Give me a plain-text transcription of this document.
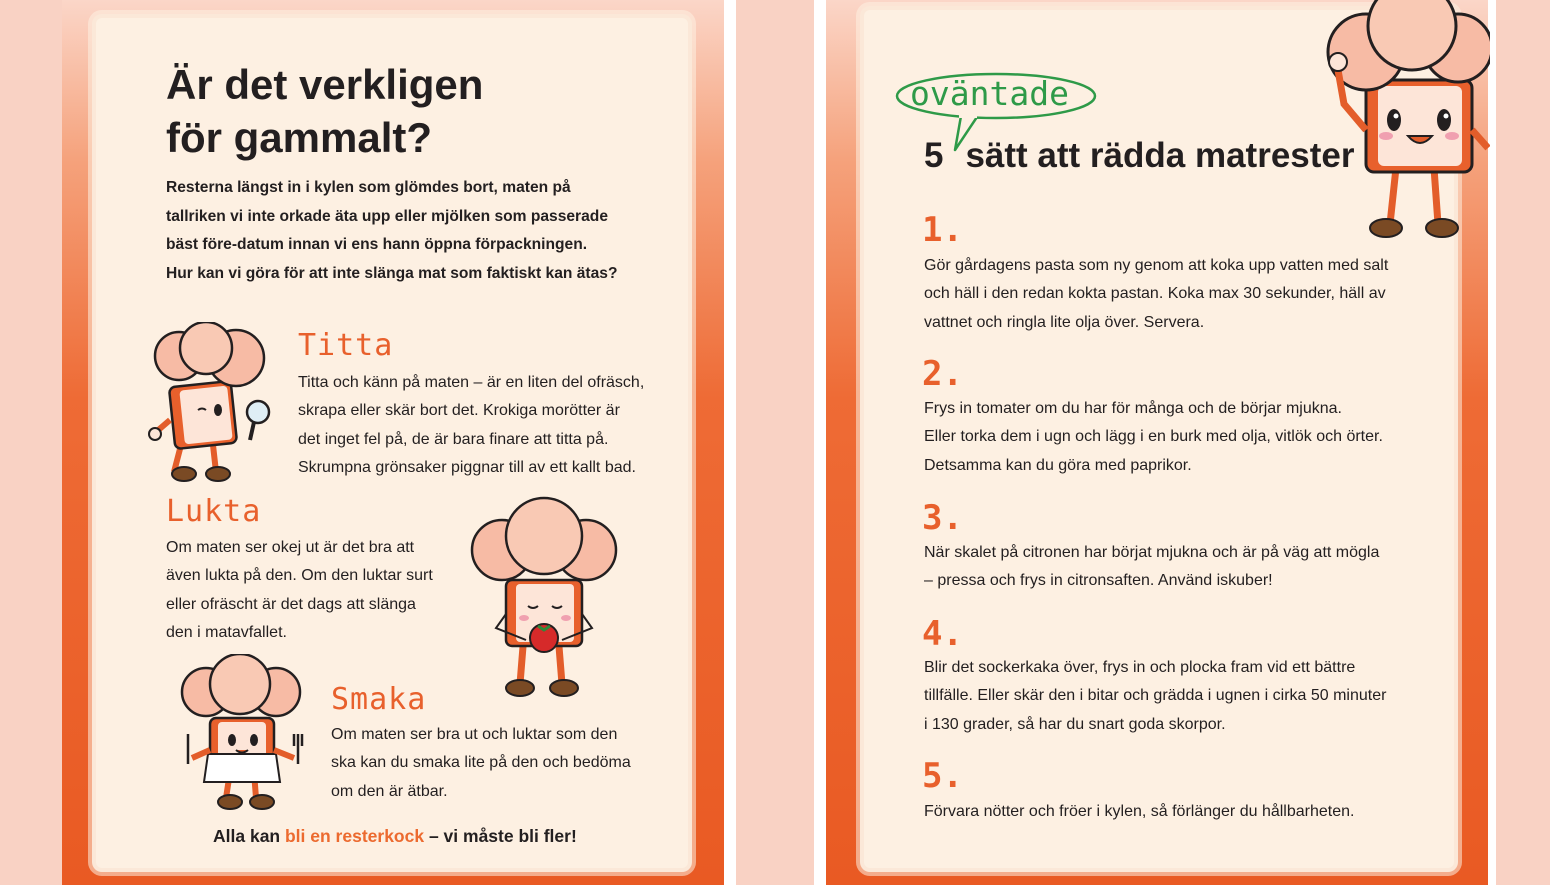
Är det verkligen
för gammalt?

Resterna längst in i kylen som glömdes bort, maten på
tallriken vi inte orkade äta upp eller mjölken som passerade
bäst före-datum innan vi ens hann öppna förpackningen.
Hur kan vi göra för att inte slänga mat som faktiskt kan ätas?

Titta

Titta och känn på maten – är en liten del ofräsch,
skrapa eller skär bort det. Krokiga morötter är
det inget fel på, de är bara finare att titta på.
Skrumpna grönsaker piggnar till av ett kallt bad.

Lukta

Om maten ser okej ut är det bra att
även lukta på den. Om den luktar surt
eller ofräscht är det dags att slänga
den i matavfallet.

Smaka

Om maten ser bra ut och luktar som den
ska kan du smaka lite på den och bedöma
om den är ätbar.

Alla kan bli en resterkock – vi måste bli fler!

oväntade

5 sätt att rädda matrester

1.

Gör gårdagens pasta som ny genom att koka upp vatten med salt
och häll i den redan kokta pastan. Koka max 30 sekunder, häll av
vattnet och ringla lite olja över. Servera.

2.

Frys in tomater om du har för många och de börjar mjukna.
Eller torka dem i ugn och lägg i en burk med olja, vitlök och örter.
Detsamma kan du göra med paprikor.

3.

När skalet på citronen har börjat mjukna och är på väg att mögla
– pressa och frys in citronsaften. Använd iskuber!

4.

Blir det sockerkaka över, frys in och plocka fram vid ett bättre
tillfälle. Eller skär den i bitar och grädda i ugnen i cirka 50 minuter
i 130 grader, så har du snart goda skorpor.

5.

Förvara nötter och fröer i kylen, så förlänger du hållbarheten.
